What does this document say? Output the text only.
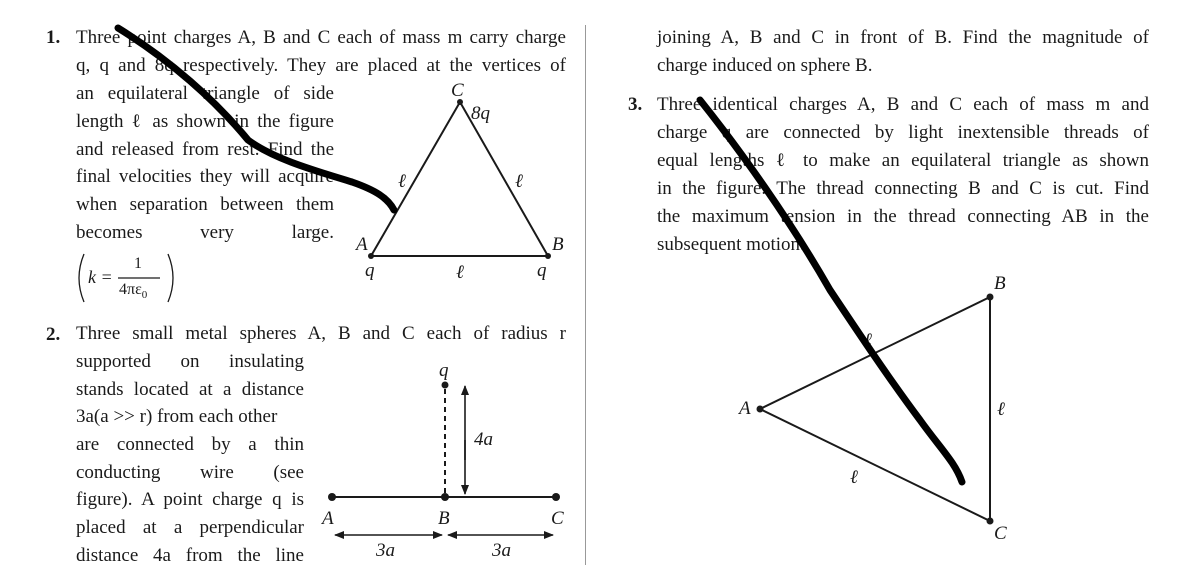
1. Three point charges A, B and C each of mass m carry charge
q, q and 8q respectively. They are placed at the vertices of
an equilateral triangle of side
length ℓ as shown in the figure
and released from rest. Find the
final velocities they will acquire
when separation between them
becomes very large.
k =
1
$4\pi\varepsilon_0$
C
8q
ℓ	ℓ
A	B
q	ℓ	q
2. Three small metal spheres A, B and C each of radius r
supported on insulating
stands located at a distance
3a(a >> r) from each other
are connected by a thin
conducting wire (see
figure). A point charge q is
placed at a perpendicular
distance 4a from the line
q
4a
A	B	C
3a	3a
joining A, B and C in front of B. Find the magnitude of
charge induced on sphere B.
3. Three identical charges A, B and C each of mass m and
charge q are connected by light inextensible threads of
equal lengths ℓ to make an equilateral triangle as shown
in the figure. The thread connecting B and C is cut. Find
the maximum tension in the thread connecting AB in the
subsequent motion.
B
ℓ
A	ℓ
ℓ
C
